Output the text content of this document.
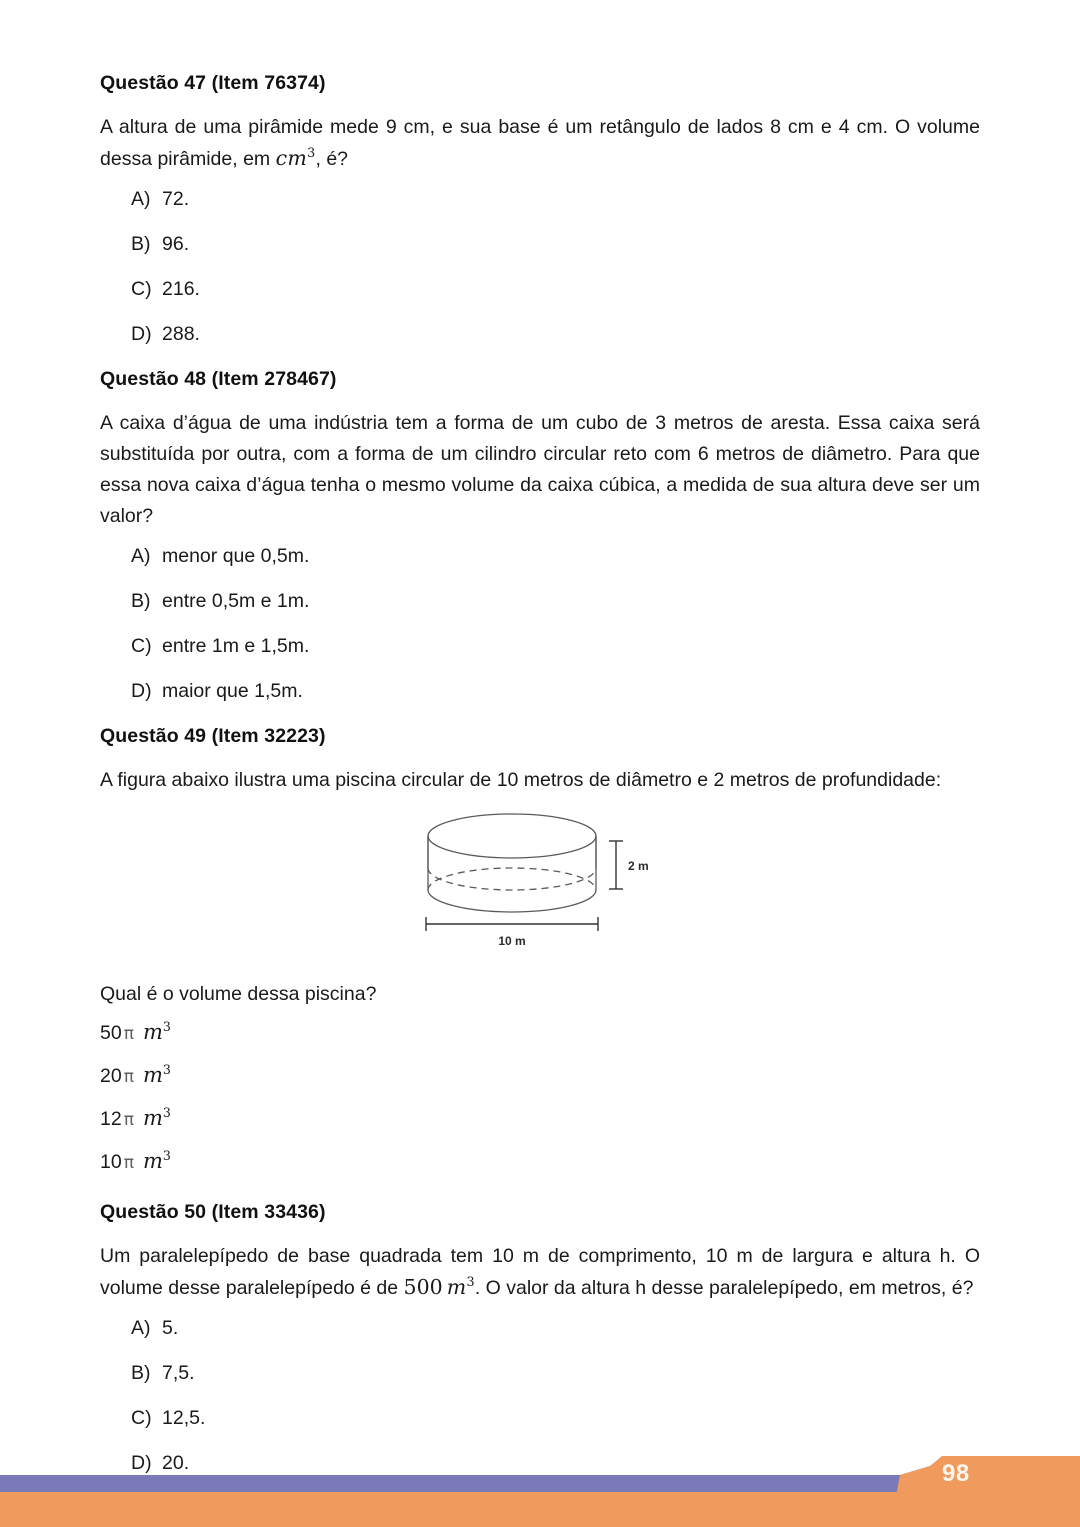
Questão 47 (Item 76374)

A altura de uma pirâmide mede 9 cm, e sua base é um retângulo de lados 8 cm e 4 cm. O volume dessa pirâmide, em $cm^3$, é?

A) 72.
B) 96.
C) 216.
D) 288.
Questão 48 (Item 278467)

A caixa d’água de uma indústria tem a forma de um cubo de 3 metros de aresta. Essa caixa será substituída por outra, com a forma de um cilindro circular reto com 6 metros de diâmetro. Para que essa nova caixa d’água tenha o mesmo volume da caixa cúbica, a medida de sua altura deve ser um valor?

A) menor que 0,5m.
B) entre 0,5m e 1m.
C) entre 1m e 1,5m.
D) maior que 1,5m.
Questão 49 (Item 32223)

A figura abaixo ilustra uma piscina circular de 10 metros de diâmetro e 2 metros de profundidade:

2 m
10 m

Qual é o volume dessa piscina?

50 π $m^3$
20 π $m^3$
12 π $m^3$
10 π $m^3$
Questão 50 (Item 33436)

Um paralelepípedo de base quadrada tem 10 m de comprimento, 10 m de largura e altura h. O volume desse paralelepípedo é de 500 $m^3$. O valor da altura h desse paralelepípedo, em metros, é?

A) 5.
B) 7,5.
C) 12,5.
D) 20.	98
